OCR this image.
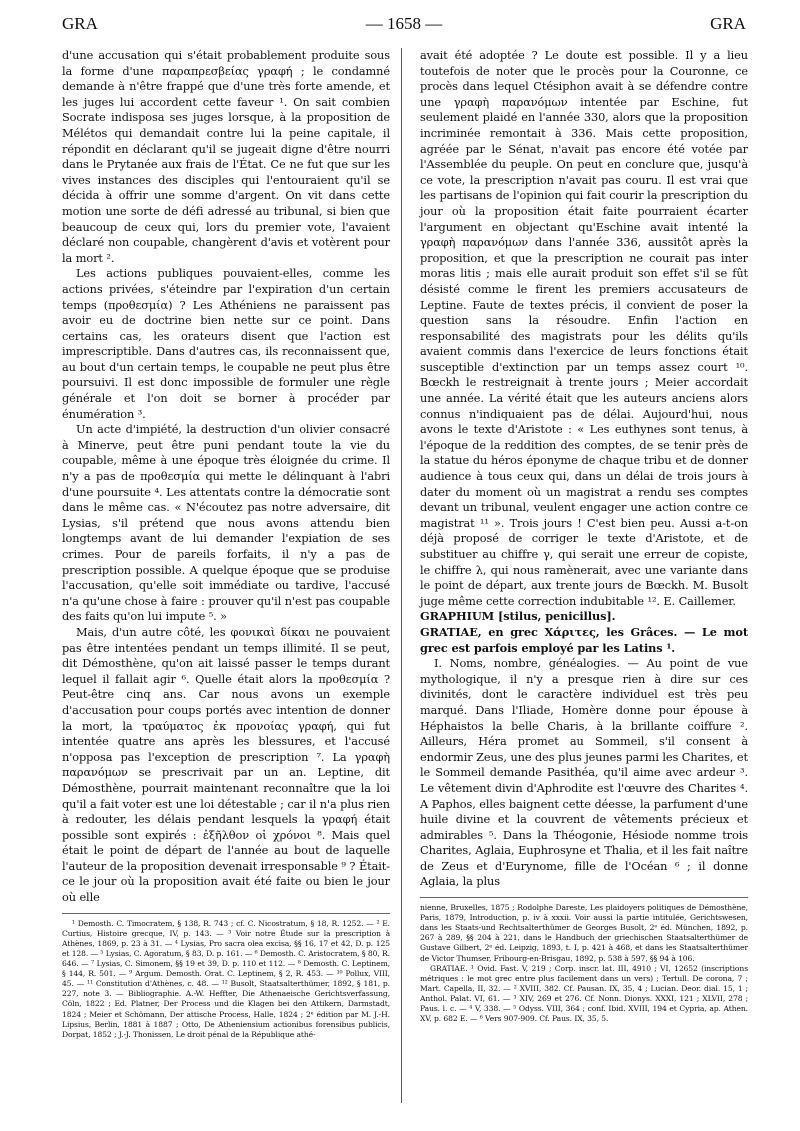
GRA	— 1658 —	GRA

d'une accusation qui s'était probablement produite sous la forme d'une παραπρεσβείας γραφή ; le condamné demande à n'être frappé que d'une très forte amende, et les juges lui accordent cette faveur ¹. On sait combien Socrate indisposa ses juges lorsque, à la proposition de Mélétos qui demandait contre lui la peine capitale, il répondit en déclarant qu'il se jugeait digne d'être nourri dans le Prytanée aux frais de l'État. Ce ne fut que sur les vives instances des disciples qui l'entouraient qu'il se décida à offrir une somme d'argent. On vit dans cette motion une sorte de défi adressé au tribunal, si bien que beaucoup de ceux qui, lors du premier vote, l'avaient déclaré non coupable, changèrent d'avis et votèrent pour la mort ².

Les actions publiques pouvaient-elles, comme les actions privées, s'éteindre par l'expiration d'un certain temps (προθεσμία) ? Les Athéniens ne paraissent pas avoir eu de doctrine bien nette sur ce point. Dans certains cas, les orateurs disent que l'action est imprescriptible. Dans d'autres cas, ils reconnaissent que, au bout d'un certain temps, le coupable ne peut plus être poursuivi. Il est donc impossible de formuler une règle générale et l'on doit se borner à procéder par énumération ³.

Un acte d'impiété, la destruction d'un olivier consacré à Minerve, peut être puni pendant toute la vie du coupable, même à une époque très éloignée du crime. Il n'y a pas de προθεσμία qui mette le délinquant à l'abri d'une poursuite ⁴. Les attentats contre la démocratie sont dans le même cas. « N'écoutez pas notre adversaire, dit Lysias, s'il prétend que nous avons attendu bien longtemps avant de lui demander l'expiation de ses crimes. Pour de pareils forfaits, il n'y a pas de prescription possible. A quelque époque que se produise l'accusation, qu'elle soit immédiate ou tardive, l'accusé n'a qu'une chose à faire : prouver qu'il n'est pas coupable des faits qu'on lui impute ⁵. »

Mais, d'un autre côté, les φονικαὶ δίκαι ne pouvaient pas être intentées pendant un temps illimité. Il se peut, dit Démosthène, qu'on ait laissé passer le temps durant lequel il fallait agir ⁶. Quelle était alors la προθεσμία ? Peut-être cinq ans. Car nous avons un exemple d'accusation pour coups portés avec intention de donner la mort, la τραύματος ἐκ προνοίας γραφή, qui fut intentée quatre ans après les blessures, et l'accusé n'opposa pas l'exception de prescription ⁷. La γραφὴ παρανόμων se prescrivait par un an. Leptine, dit Démosthène, pourrait maintenant reconnaître que la loi qu'il a fait voter est une loi détestable ; car il n'a plus rien à redouter, les délais pendant lesquels la γραφή était possible sont expirés : ἐξῆλθον οἱ χρόνοι ⁸. Mais quel était le point de départ de l'année au bout de laquelle l'auteur de la proposition devenait irresponsable ⁹ ? Était-ce le jour où la proposition avait été faite ou bien le jour où elle

¹ Demosth. C. Timocratem, § 138, R. 743 ; cf. C. Nicostratum, § 18, R. 1252. — ² E. Curtius, Histoire grecque, IV, p. 143. — ³ Voir notre Étude sur la prescription à Athènes, 1869, p. 23 à 31. — ⁴ Lysias, Pro sacra olea excisa, §§ 16, 17 et 42, D. p. 125 et 128. — ⁵ Lysias, C. Agoratum, § 83, D. p. 161. — ⁶ Demosth. C. Aristocratem, § 80, R. 646. — ⁷ Lysias, C. Simonem, §§ 19 et 39, D. p. 110 et 112. — ⁸ Demosth. C. Leptinem, § 144, R. 501. — ⁹ Argum. Demosth. Orat. C. Leptinem, § 2, R. 453. — ¹⁰ Pollux, VIII, 45. — ¹¹ Constitution d'Athènes, c. 48. — ¹² Busolt, Staatsalterthümer, 1892, § 181, p. 227, note 3. — Bibliographie. A.-W. Heffter, Die Athenaeische Gerichtsverfassung, Cöln, 1822 ; Ed. Platner, Der Process und die Klagen bei den Attikern, Darmstadt, 1824 ; Meier et Schömann, Der attische Process, Halle, 1824 ; 2ᵉ édition par M. J.-H. Lipsius, Berlin, 1881 à 1887 ; Otto, De Atheniensium actionibus forensibus publicis, Dorpat, 1852 ; J.-J. Thonissen, Le droit pénal de la République athé-

avait été adoptée ? Le doute est possible. Il y a lieu toutefois de noter que le procès pour la Couronne, ce procès dans lequel Ctésiphon avait à se défendre contre une γραφὴ παρανόμων intentée par Eschine, fut seulement plaidé en l'année 330, alors que la proposition incriminée remontait à 336. Mais cette proposition, agréée par le Sénat, n'avait pas encore été votée par l'Assemblée du peuple. On peut en conclure que, jusqu'à ce vote, la prescription n'avait pas couru. Il est vrai que les partisans de l'opinion qui fait courir la prescription du jour où la proposition était faite pourraient écarter l'argument en objectant qu'Eschine avait intenté la γραφὴ παρανόμων dans l'année 336, aussitôt après la proposition, et que la prescription ne courait pas inter moras litis ; mais elle aurait produit son effet s'il se fût désisté comme le firent les premiers accusateurs de Leptine. Faute de textes précis, il convient de poser la question sans la résoudre. Enfin l'action en responsabilité des magistrats pour les délits qu'ils avaient commis dans l'exercice de leurs fonctions était susceptible d'extinction par un temps assez court ¹⁰. Bœckh le restreignait à trente jours ; Meier accordait une année. La vérité était que les auteurs anciens alors connus n'indiquaient pas de délai. Aujourd'hui, nous avons le texte d'Aristote : « Les euthynes sont tenus, à l'époque de la reddition des comptes, de se tenir près de la statue du héros éponyme de chaque tribu et de donner audience à tous ceux qui, dans un délai de trois jours à dater du moment où un magistrat a rendu ses comptes devant un tribunal, veulent engager une action contre ce magistrat ¹¹ ». Trois jours ! C'est bien peu. Aussi a-t-on déjà proposé de corriger le texte d'Aristote, et de substituer au chiffre γ, qui serait une erreur de copiste, le chiffre λ, qui nous ramènerait, avec une variante dans le point de départ, aux trente jours de Bœckh. M. Busolt juge même cette correction indubitable ¹². E. Caillemer.

GRAPHIUM [stilus, penicillus].

GRATIAE, en grec Χάριτες, les Grâces. — Le mot grec est parfois employé par les Latins ¹.

I. Noms, nombre, généalogies. — Au point de vue mythologique, il n'y a presque rien à dire sur ces divinités, dont le caractère individuel est très peu marqué. Dans l'Iliade, Homère donne pour épouse à Héphaistos la belle Charis, à la brillante coiffure ². Ailleurs, Héra promet au Sommeil, s'il consent à endormir Zeus, une des plus jeunes parmi les Charites, et le Sommeil demande Pasithéa, qu'il aime avec ardeur ³. Le vêtement divin d'Aphrodite est l'œuvre des Charites ⁴. A Paphos, elles baignent cette déesse, la parfument d'une huile divine et la couvrent de vêtements précieux et admirables ⁵. Dans la Théogonie, Hésiode nomme trois Charites, Aglaia, Euphrosyne et Thalia, et il les fait naître de Zeus et d'Eurynome, fille de l'Océan ⁶ ; il donne Aglaia, la plus

nienne, Bruxelles, 1875 ; Rodolphe Dareste, Les plaidoyers politiques de Démosthène, Paris, 1879, Introduction, p. iv à xxxii. Voir aussi la partie intitulée, Gerichtswesen, dans les Staats-und Rechtsalterthümer de Georges Busolt, 2ᵉ éd. München, 1892, p. 267 à 289, §§ 204 à 221, dans le Handbuch der griechischen Staatsalterthümer de Gustave Gilbert, 2ᵉ éd. Leipzig, 1893, t. I, p. 421 à 468, et dans les Staatsalterthümer de Victor Thumser, Fribourg-en-Brisgau, 1892, p. 538 à 597, §§ 94 à 106.

GRATIAE. ¹ Ovid. Fast. V, 219 ; Corp. inscr. lat. III, 4910 ; VI, 12652 (inscriptions métriques : le mot grec entre plus facilement dans un vers) ; Tertull. De corona, 7 ; Mart. Capella, II, 32. — ² XVIII, 382. Cf. Pausan. IX, 35, 4 ; Lucian. Deor. dial. 15, 1 ; Anthol. Palat. VI, 61. — ³ XIV, 269 et 276. Cf. Nonn. Dionys. XXXI, 121 ; XLVII, 278 ; Paus. l. c. — ⁴ V, 338. — ⁵ Odyss. VIII, 364 ; conf. Ibid. XVIII, 194 et Cypria, ap. Athen. XV, p. 682 E. — ⁶ Vers 907-909. Cf. Paus. IX, 35, 5.
